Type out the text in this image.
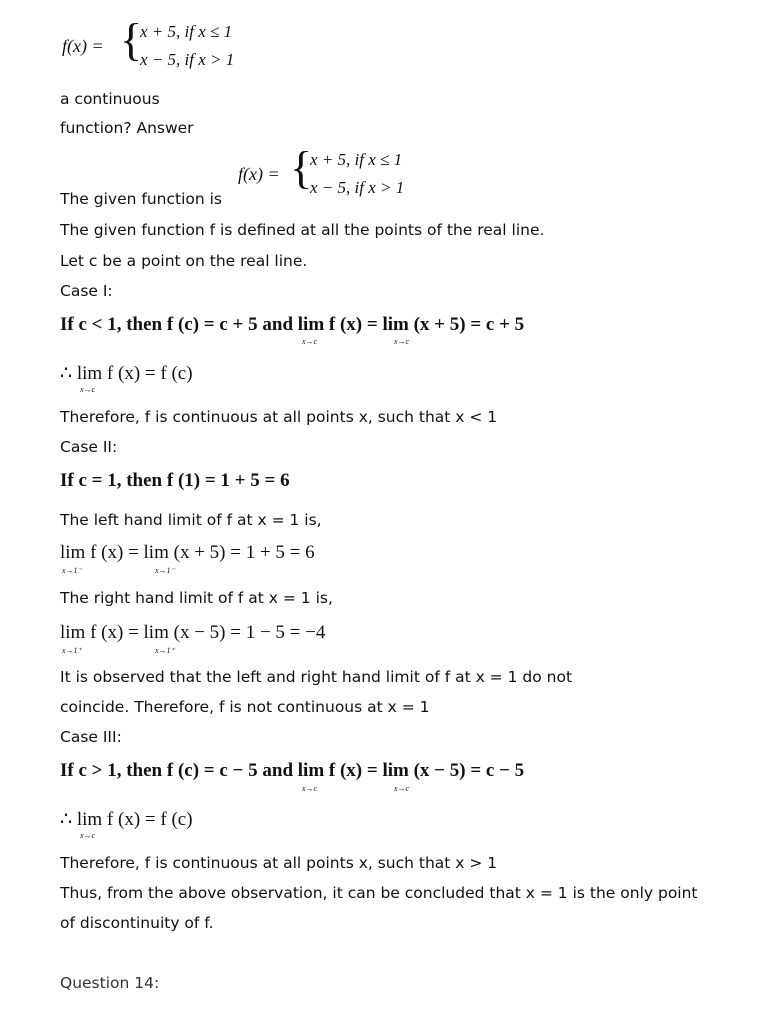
f(x) = {
x + 5, if x ≤ 1
x − 5, if x > 1
a continuous
function? Answer
f(x) = {
x + 5, if x ≤ 1
x − 5, if x > 1
The given function is
The given function f is defined at all the points of the real line.
Let c be a point on the real line.
Case I:
If c < 1, then f (c) = c + 5 and lim f (x) = lim (x + 5) = c + 5
x→c	x→c
∴ lim f (x) = f (c)
x→c
Therefore, f is continuous at all points x, such that x < 1
Case II:
If c = 1, then f (1) = 1 + 5 = 6
The left hand limit of f at x = 1 is,
lim f (x) = lim (x + 5) = 1 + 5 = 6
x→1⁻	x→1⁻
The right hand limit of f at x = 1 is,
lim f (x) = lim (x − 5) = 1 − 5 = −4
x→1⁺	x→1⁺
It is observed that the left and right hand limit of f at x = 1 do not
coincide. Therefore, f is not continuous at x = 1
Case III:
If c > 1, then f (c) = c − 5 and lim f (x) = lim (x − 5) = c − 5
x→c	x→c
∴ lim f (x) = f (c)
x→c
Therefore, f is continuous at all points x, such that x > 1
Thus, from the above observation, it can be concluded that x = 1 is the only point
of discontinuity of f.
Question 14:
